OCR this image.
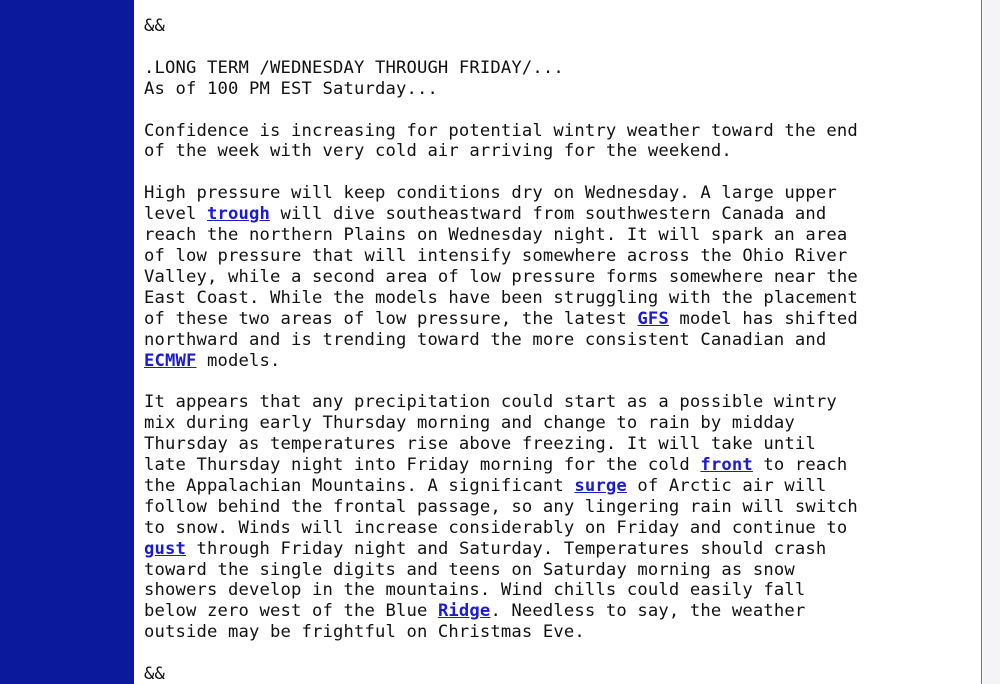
&&

.LONG TERM /WEDNESDAY THROUGH FRIDAY/...
As of 100 PM EST Saturday...

Confidence is increasing for potential wintry weather toward the end
of the week with very cold air arriving for the weekend.

High pressure will keep conditions dry on Wednesday. A large upper
level trough will dive southeastward from southwestern Canada and
reach the northern Plains on Wednesday night. It will spark an area
of low pressure that will intensify somewhere across the Ohio River
Valley, while a second area of low pressure forms somewhere near the
East Coast. While the models have been struggling with the placement
of these two areas of low pressure, the latest GFS model has shifted
northward and is trending toward the more consistent Canadian and
ECMWF models.

It appears that any precipitation could start as a possible wintry
mix during early Thursday morning and change to rain by midday
Thursday as temperatures rise above freezing. It will take until
late Thursday night into Friday morning for the cold front to reach
the Appalachian Mountains. A significant surge of Arctic air will
follow behind the frontal passage, so any lingering rain will switch
to snow. Winds will increase considerably on Friday and continue to
gust through Friday night and Saturday. Temperatures should crash
toward the single digits and teens on Saturday morning as snow
showers develop in the mountains. Wind chills could easily fall
below zero west of the Blue Ridge. Needless to say, the weather
outside may be frightful on Christmas Eve.

&&
